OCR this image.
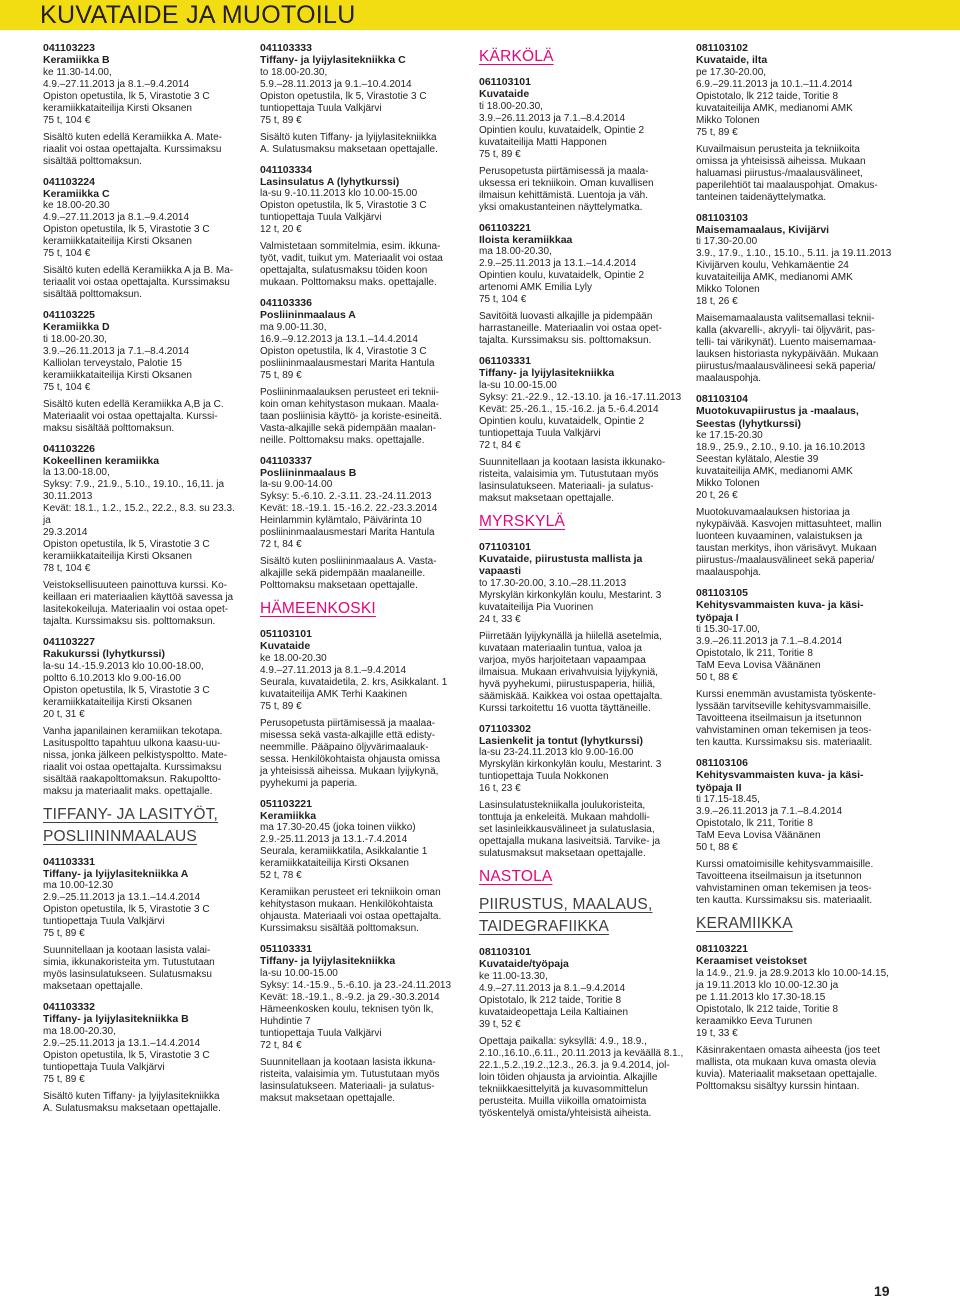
KUVATAIDE JA MUOTOILU

041103223

Keramiikka B

ke 11.30-14.00,

4.9.–27.11.2013 ja 8.1.–9.4.2014

Opiston opetustila, lk 5, Virastotie 3 C

keramiikkataiteilija Kirsti Oksanen

75 t, 104 €

Sisältö kuten edellä Keramiikka A. Mate-

riaalit voi ostaa opettajalta. Kurssimaksu

sisältää polttomaksun.

041103224

Keramiikka C

ke 18.00-20.30

4.9.–27.11.2013 ja 8.1.–9.4.2014

Opiston opetustila, lk 5, Virastotie 3 C

keramiikkataiteilija Kirsti Oksanen

75 t, 104 €

Sisältö kuten edellä Keramiikka A ja B. Ma-

teriaalit voi ostaa opettajalta. Kurssimaksu

sisältää polttomaksun.

041103225

Keramiikka D

ti 18.00-20.30,

3.9.–26.11.2013 ja 7.1.–8.4.2014

Kalliolan terveystalo, Palotie 15

keramiikkataiteilija Kirsti Oksanen

75 t, 104 €

Sisältö kuten edellä Keramiikka A,B ja C.

Materiaalit voi ostaa opettajalta. Kurssi-

maksu sisältää polttomaksun.

041103226

Kokeellinen keramiikka

la 13.00-18.00,

Syksy: 7.9., 21.9., 5.10., 19.10., 16,11. ja

30.11.2013

Kevät: 18.1., 1.2., 15.2., 22.2., 8.3. su 23.3. ja

29.3.2014

Opiston opetustila, lk 5, Virastotie 3 C

keramiikkataiteilija Kirsti Oksanen

78 t, 104 €

Veistoksellisuuteen painottuva kurssi. Ko-

keillaan eri materiaalien käyttöä savessa ja

lasitekokeiluja. Materiaalin voi ostaa opet-

tajalta. Kurssimaksu sis. polttomaksun.

041103227

Rakukurssi (lyhytkurssi)

la-su 14.-15.9.2013 klo 10.00-18.00,

poltto 6.10.2013 klo 9.00-16.00

Opiston opetustila, lk 5, Virastotie 3 C

keramiikkataiteilija Kirsti Oksanen

20 t, 31 €

Vanha japanilainen keramiikan tekotapa.

Lasituspoltto tapahtuu ulkona kaasu-uu-

nissa, jonka jälkeen pelkistyspoltto. Mate-

riaalit voi ostaa opettajalta. Kurssimaksu

sisältää raakapolttomaksun. Rakupoltto-

maksu ja materiaalit maks. opettajalle.

TIFFANY- JA LASITYÖT,
POSLIININMAALAUS

041103331

Tiffany- ja lyijylasitekniikka A

ma 10.00-12.30

2.9.–25.11.2013 ja 13.1.–14.4.2014

Opiston opetustila, lk 5, Virastotie 3 C

tuntiopettaja Tuula Valkjärvi

75 t, 89 €

Suunnitellaan ja kootaan lasista valai-

simia, ikkunakoristeita ym. Tutustutaan

myös lasinsulatukseen. Sulatusmaksu

maksetaan opettajalle.

041103332

Tiffany- ja lyijylasitekniikka B

ma 18.00-20.30,

2.9.–25.11.2013 ja 13.1.–14.4.2014

Opiston opetustila, lk 5, Virastotie 3 C

tuntiopettaja Tuula Valkjärvi

75 t, 89 €

Sisältö kuten Tiffany- ja lyijylasitekniikka

A. Sulatusmaksu maksetaan opettajalle.

041103333

Tiffany- ja lyijylasitekniikka C

to 18.00-20.30,

5.9.–28.11.2013 ja 9.1.–10.4.2014

Opiston opetustila, lk 5, Virastotie 3 C

tuntiopettaja Tuula Valkjärvi

75 t, 89 €

Sisältö kuten Tiffany- ja lyijylasitekniikka

A. Sulatusmaksu maksetaan opettajalle.

041103334

Lasinsulatus A (lyhytkurssi)

la-su 9.-10.11.2013 klo 10.00-15.00

Opiston opetustila, lk 5, Virastotie 3 C

tuntiopettaja Tuula Valkjärvi

12 t, 20 €

Valmistetaan sommitelmia, esim. ikkuna-

työt, vadit, tuikut ym. Materiaalit voi ostaa

opettajalta, sulatusmaksu töiden koon

mukaan. Polttomaksu maks. opettajalle.

041103336

Posliininmaalaus A

ma 9.00-11.30,

16.9.–9.12.2013 ja 13.1.–14.4.2014

Opiston opetustila, lk 4, Virastotie 3 C

posliininmaalausmestari Marita Hantula

75 t, 89 €

Posliininmaalauksen perusteet eri teknii-

koin oman kehitystason mukaan. Maala-

taan posliinisia käyttö- ja koriste-esineitä.

Vasta-alkajille sekä pidempään maalan-

neille. Polttomaksu maks. opettajalle.

041103337

Posliininmaalaus B

la-su 9.00-14.00

Syksy: 5.-6.10. 2.-3.11. 23.-24.11.2013

Kevät: 18.-19.1. 15.-16.2. 22.-23.3.2014

Heinlammin kylämtalo, Päivärinta 10

posliininmaalausmestari Marita Hantula

72 t, 84 €

Sisältö kuten posliininmaalaus A. Vasta-

alkajille sekä pidempään maalaneille.

Polttomaksu maksetaan opettajalle.

HÄMEENKOSKI

051103101

Kuvataide

ke 18.00-20.30

4.9.–27.11.2013 ja 8.1.–9.4.2014

Seurala, kuvataidetila, 2. krs, Asikkalant. 1

kuvataiteilija AMK Terhi Kaakinen

75 t, 89 €

Perusopetusta piirtämisessä ja maalaa-

misessa sekä vasta-alkajille että edisty-

neemmille. Pääpaino öljyvärimaalauk-

sessa. Henkilökohtaista ohjausta omissa

ja yhteisissä aiheissa. Mukaan lyijykynä,

pyyhekumi ja paperia.

051103221

Keramiikka

ma 17.30-20.45 (joka toinen viikko)

2.9.-25.11.2013 ja 13.1.-7.4.2014

Seurala, keramiikkatila, Asikkalantie 1

keramiikkataiteilija Kirsti Oksanen

52 t, 78 €

Keramiikan perusteet eri tekniikoin oman

kehitystason mukaan. Henkilökohtaista

ohjausta. Materiaali voi ostaa opettajalta.

Kurssimaksu sisältää polttomaksun.

051103331

Tiffany- ja lyijylasitekniikka

la-su 10.00-15.00

Syksy: 14.-15.9., 5.-6.10. ja 23.-24.11.2013

Kevät: 18.-19.1., 8.-9.2. ja 29.-30.3.2014

Hämeenkosken koulu, teknisen työn lk,

Huhdintie 7

tuntiopettaja Tuula Valkjärvi

72 t, 84 €

Suunnitellaan ja kootaan lasista ikkuna-

risteita, valaisimia ym. Tutustutaan myös

lasinsulatukseen. Materiaali- ja sulatus-

maksut maksetaan opettajalle.

KÄRKÖLÄ

061103101

Kuvataide

ti 18.00-20.30,

3.9.–26.11.2013 ja 7.1.–8.4.2014

Opintien koulu, kuvataidelk, Opintie 2

kuvataiteilija Matti Happonen

75 t, 89 €

Perusopetusta piirtämisessä ja maala-

uksessa eri tekniikoin. Oman kuvallisen

ilmaisun kehittämistä. Luentoja ja väh.

yksi omakustanteinen näyttelymatka.

061103221

Iloista keramiikkaa

ma 18.00-20.30,

2.9.–25.11.2013 ja 13.1.–14.4.2014

Opintien koulu, kuvataidelk, Opintie 2

artenomi AMK Emilia Lyly

75 t, 104 €

Savitöitä luovasti alkajille ja pidempään

harrastaneille. Materiaalin voi ostaa opet-

tajalta. Kurssimaksu sis. polttomaksun.

061103331

Tiffany- ja lyijylasitekniikka

la-su 10.00-15.00

Syksy: 21.-22.9., 12.-13.10. ja 16.-17.11.2013

Kevät: 25.-26.1., 15.-16.2. ja 5.-6.4.2014

Opintien koulu, kuvataidelk, Opintie 2

tuntiopettaja Tuula Valkjärvi

72 t, 84 €

Suunnitellaan ja kootaan lasista ikkunako-

risteita, valaisimia ym. Tutustutaan myös

lasinsulatukseen. Materiaali- ja sulatus-

maksut maksetaan opettajalle.

MYRSKYLÄ

071103101

Kuvataide, piirustusta mallista ja

vapaasti

to 17.30-20.00, 3.10.–28.11.2013

Myrskylän kirkonkylän koulu, Mestarint. 3

kuvataiteilija Pia Vuorinen

24 t, 33 €

Piirretään lyijykynällä ja hiilellä asetelmia,

kuvataan materiaalin tuntua, valoa ja

varjoa, myös harjoitetaan vapaampaa

ilmaisua. Mukaan erivahvuisia lyijykyniä,

hyvä pyyhekumi, piirustuspaperia, hiiliä,

säämiskää. Kaikkea voi ostaa opettajalta.

Kurssi tarkoitettu 16 vuotta täyttäneille.

071103302

Lasienkelit ja tontut (lyhytkurssi)

la-su 23-24.11.2013 klo 9.00-16.00

Myrskylän kirkonkylän koulu, Mestarint. 3

tuntiopettaja Tuula Nokkonen

16 t, 23 €

Lasinsulatustekniikalla joulukoristeita,

tonttuja ja enkeleitä. Mukaan mahdolli-

set lasinleikkausvälineet ja sulatuslasia,

opettajalla mukana lasiveitsiä. Tarvike- ja

sulatusmaksut maksetaan opettajalle.

NASTOLA
PIIRUSTUS, MAALAUS,
TAIDEGRAFIIKKA

081103101

Kuvataide/työpaja

ke 11.00-13.30,

4.9.–27.11.2013 ja 8.1.–9.4.2014

Opistotalo, lk 212 taide, Toritie 8

kuvataideopettaja Leila Kaltiainen

39 t, 52 €

Opettaja paikalla: syksyllä: 4.9., 18.9.,

2.10.,16.10.,6.11., 20.11.2013 ja keväällä 8.1.,

22.1.,5.2.,19.2.,12.3., 26.3. ja 9.4.2014, jol-

loin töiden ohjausta ja arviointia. Alkajille

tekniikkaesittelyitä ja kuvasommittelun

perusteita. Muilla viikoilla omatoimista

työskentelyä omista/yhteisistä aiheista.

081103102

Kuvataide, ilta

pe 17.30-20.00,

6.9.–29.11.2013 ja 10.1.–11.4.2014

Opistotalo, lk 212 taide, Toritie 8

kuvataiteilija AMK, medianomi AMK

Mikko Tolonen

75 t, 89 €

Kuvailmaisun perusteita ja tekniikoita

omissa ja yhteisissä aiheissa. Mukaan

haluamasi piirustus-/maalausvälineet,

paperilehtiöt tai maalauspohjat. Omakus-

tanteinen taidenäyttelymatka.

081103103

Maisemamaalaus, Kivijärvi

ti 17.30-20.00

3.9., 17.9., 1.10., 15.10., 5.11. ja 19.11.2013

Kivijärven koulu, Vehkamäentie 24

kuvataiteilija AMK, medianomi AMK

Mikko Tolonen

18 t, 26 €

Maisemamaalausta valitsemallasi teknii-

kalla (akvarelli-, akryyli- tai öljyvärit, pas-

telli- tai värikynät). Luento maisemamaa-

lauksen historiasta nykypäivään. Mukaan

piirustus/maalausvälineesi sekä paperia/

maalauspohja.

081103104

Muotokuvapiirustus ja -maalaus,

Seestas (lyhytkurssi)

ke 17.15-20.30

18.9., 25.9., 2.10., 9.10. ja 16.10.2013

Seestan kylätalo, Alestie 39

kuvataiteilija AMK, medianomi AMK

Mikko Tolonen

20 t, 26 €

Muotokuvamaalauksen historiaa ja

nykypäivää. Kasvojen mittasuhteet, mallin

luonteen kuvaaminen, valaistuksen ja

taustan merkitys, ihon värisävyt. Mukaan

piirustus-/maalausvälineet sekä paperia/

maalauspohja.

081103105

Kehitysvammaisten kuva- ja käsi-

työpaja I

ti 15.30-17.00,

3.9.–26.11.2013 ja 7.1.–8.4.2014

Opistotalo, lk 211, Toritie 8

TaM Eeva Lovisa Väänänen

50 t, 88 €

Kurssi enemmän avustamista työskente-

lyssään tarvitseville kehitysvammaisille.

Tavoitteena itseilmaisun ja itsetunnon

vahvistaminen oman tekemisen ja teos-

ten kautta. Kurssimaksu sis. materiaalit.

081103106

Kehitysvammaisten kuva- ja käsi-

työpaja II

ti 17.15-18.45,

3.9.–26.11.2013 ja 7.1.–8.4.2014

Opistotalo, lk 211, Toritie 8

TaM Eeva Lovisa Väänänen

50 t, 88 €

Kurssi omatoimisille kehitysvammaisille.

Tavoitteena itseilmaisun ja itsetunnon

vahvistaminen oman tekemisen ja teos-

ten kautta. Kurssimaksu sis. materiaalit.

KERAMIIKKA

081103221

Keraamiset veistokset

la 14.9., 21.9. ja 28.9.2013 klo 10.00-14.15,

ja 19.11.2013 klo 10.00-12.30 ja

pe 1.11.2013 klo 17.30-18.15

Opistotalo, lk 212 taide, Toritie 8

keraamikko Eeva Turunen

19 t, 33 €

Käsinrakentaen omasta aiheesta (jos teet

mallista, ota mukaan kuva omasta olevia

kuvia). Materiaalit maksetaan opettajalle.

Polttomaksu sisältyy kurssin hintaan.

19
